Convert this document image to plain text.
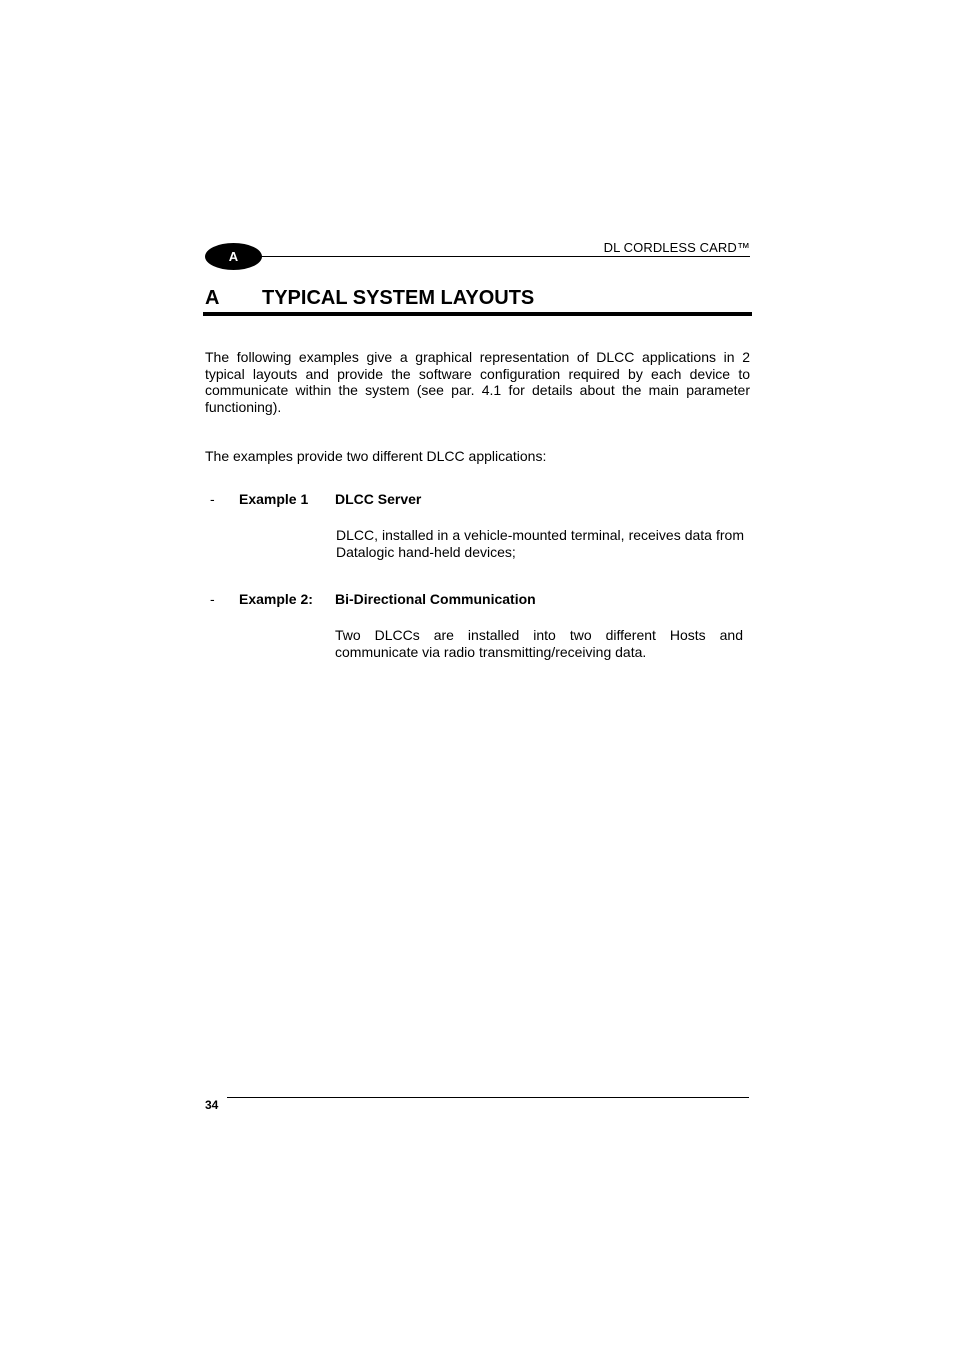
A
DL CORDLESS CARD™
A TYPICAL SYSTEM LAYOUTS
The following examples give a graphical representation of DLCC applications in 2 typical layouts and provide the software configuration required by each device to communicate within the system (see par. 4.1 for details about the main parameter functioning).
The examples provide two different DLCC applications:
- Example 1 DLCC Server
DLCC, installed in a vehicle-mounted terminal, receives data from Datalogic hand-held devices;
- Example 2: Bi-Directional Communication
Two DLCCs are installed into two different Hosts and communicate via radio transmitting/receiving data.
34
